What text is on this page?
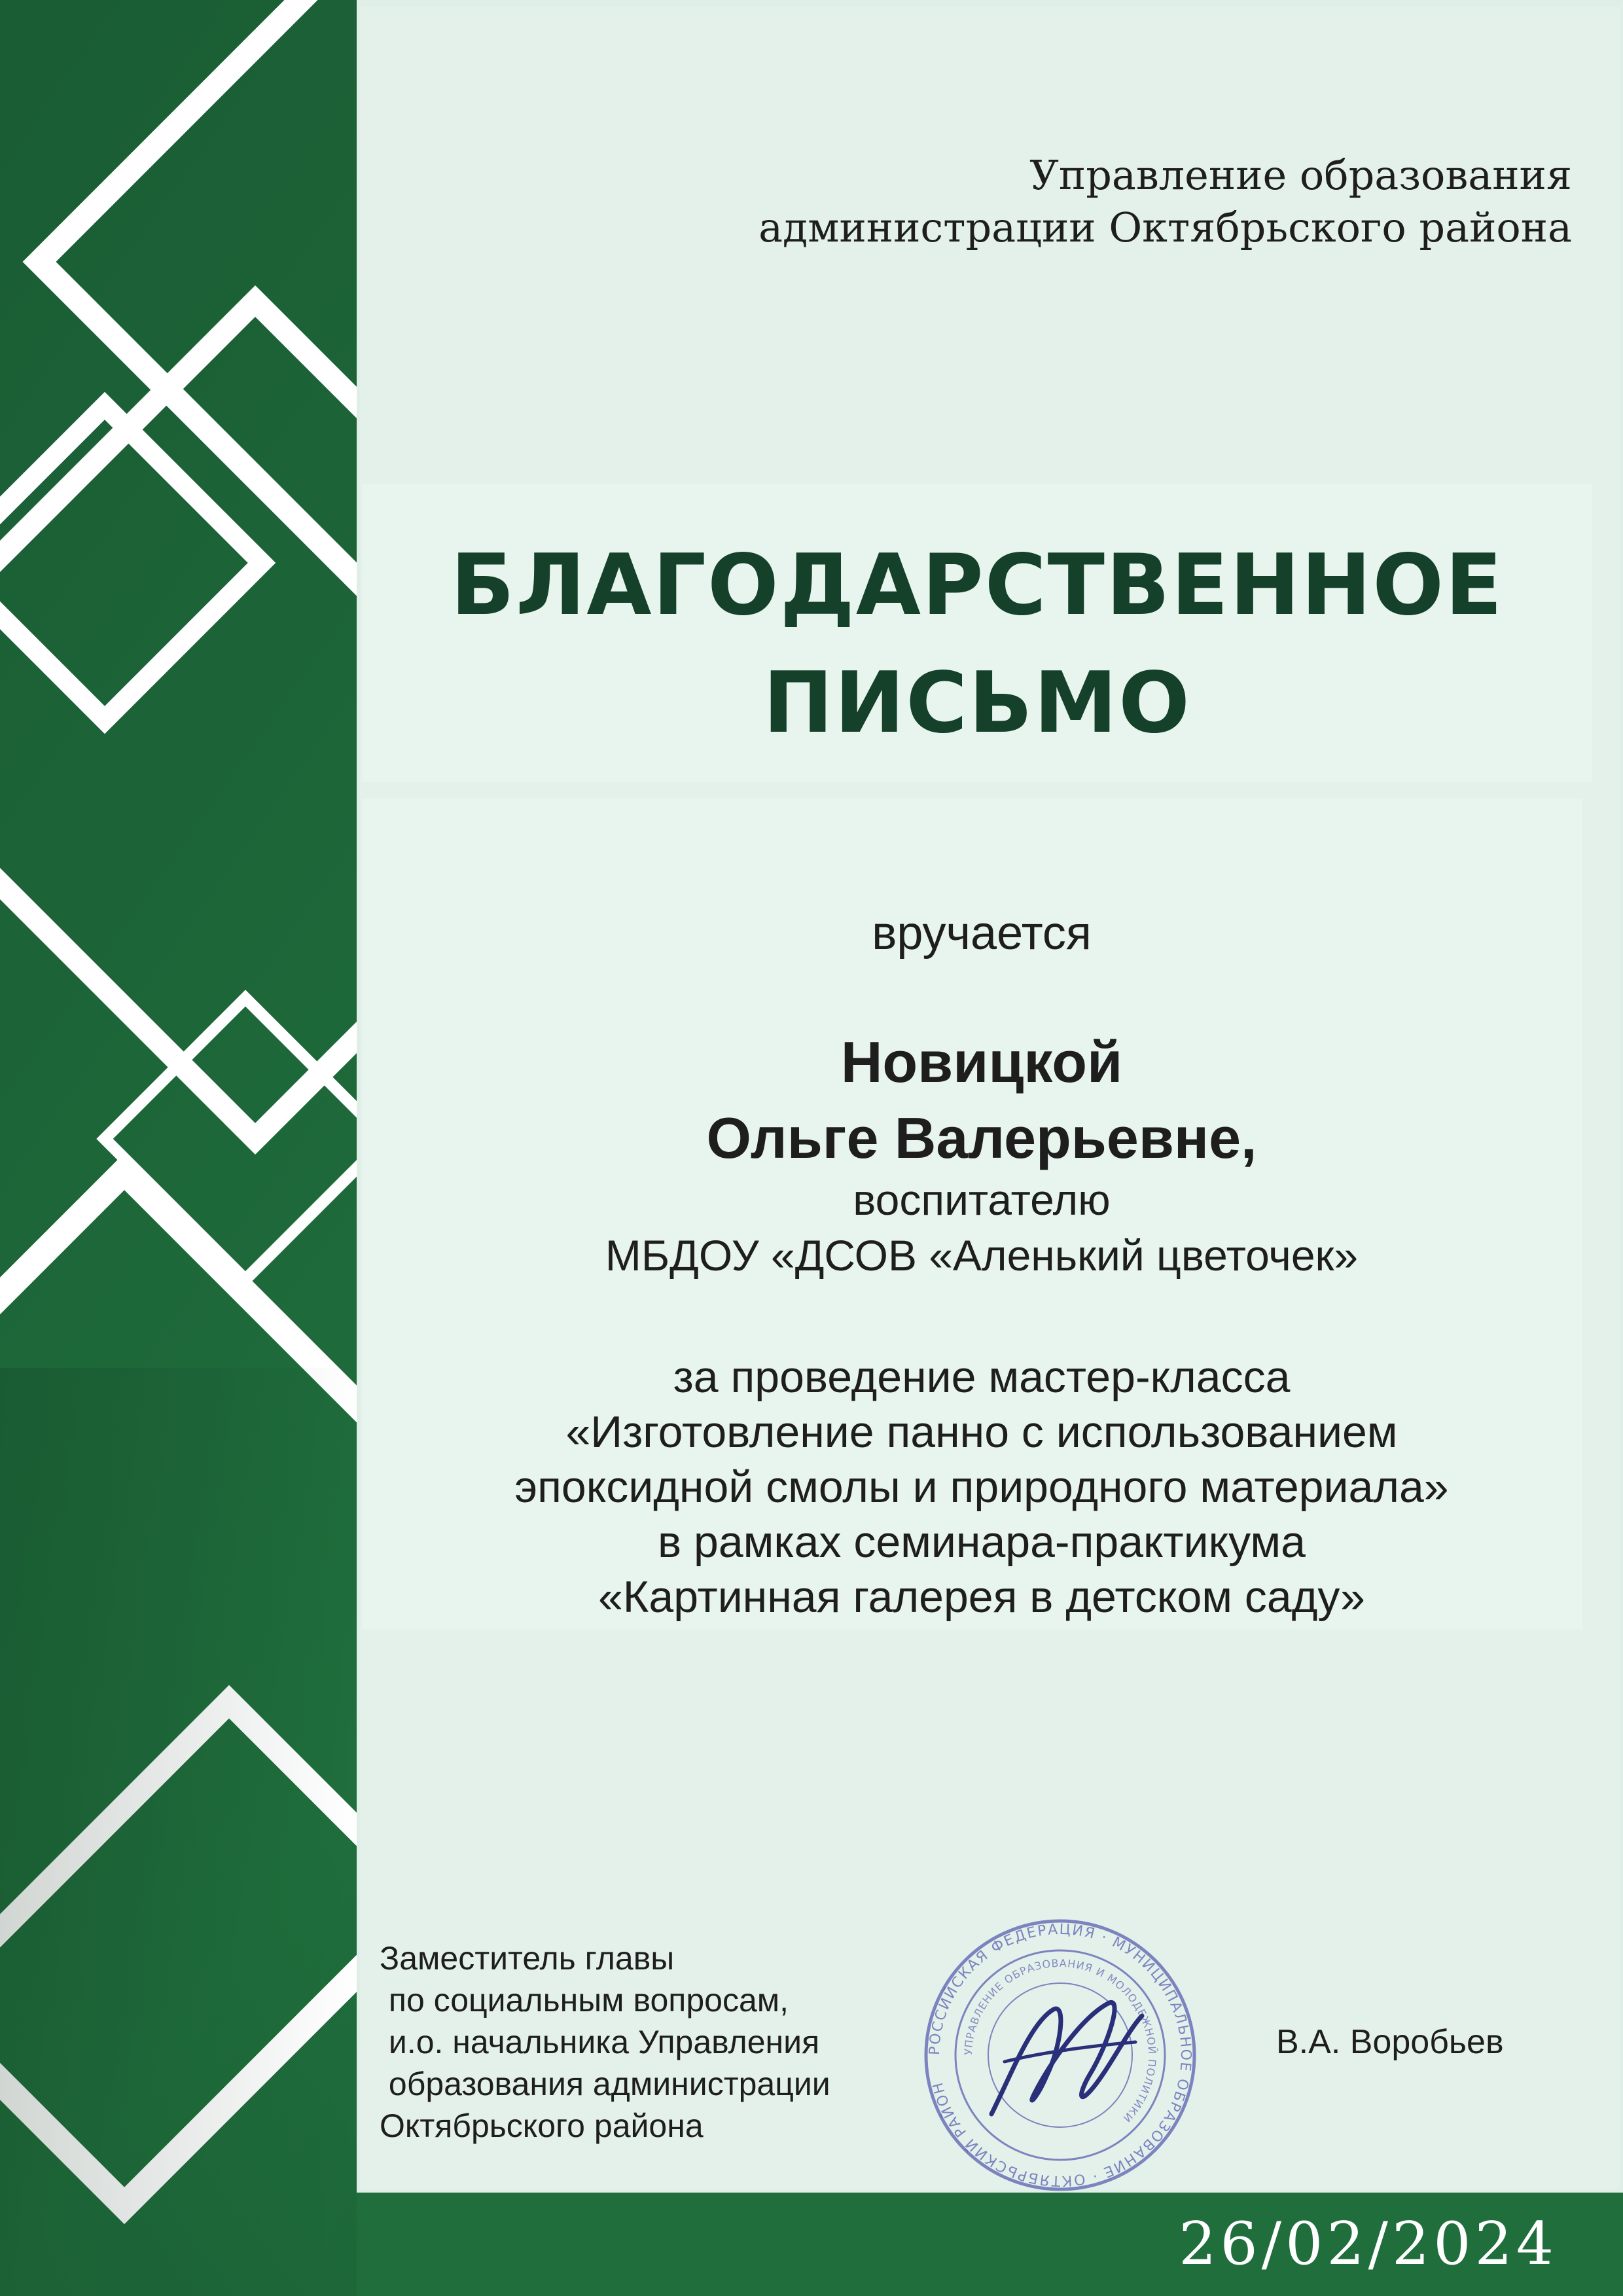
Управление образования
администрации Октябрьского района
БЛАГОДАРСТВЕННОЕ
ПИСЬМО
вручается
Новицкой
Ольге Валерьевне,
воспитателю
МБДОУ «ДСОВ «Аленький цветочек»
за проведение мастер-класса
«Изготовление панно с использованием
эпоксидной смолы и природного материала»
в рамках семинара-практикума
«Картинная галерея в детском саду»
Заместитель главы
по социальным вопросам,
и.о. начальника Управления
образования администрации
Октябрьского района
РОССИЙСКАЯ ФЕДЕРАЦИЯ · МУНИЦИПАЛЬНОЕ ОБРАЗОВАНИЕ · ОКТЯБРЬСКИЙ РАЙОН
УПРАВЛЕНИЕ ОБРАЗОВАНИЯ И МОЛОДЕЖНОЙ ПОЛИТИКИ
В.А. Воробьев
26/02/2024
